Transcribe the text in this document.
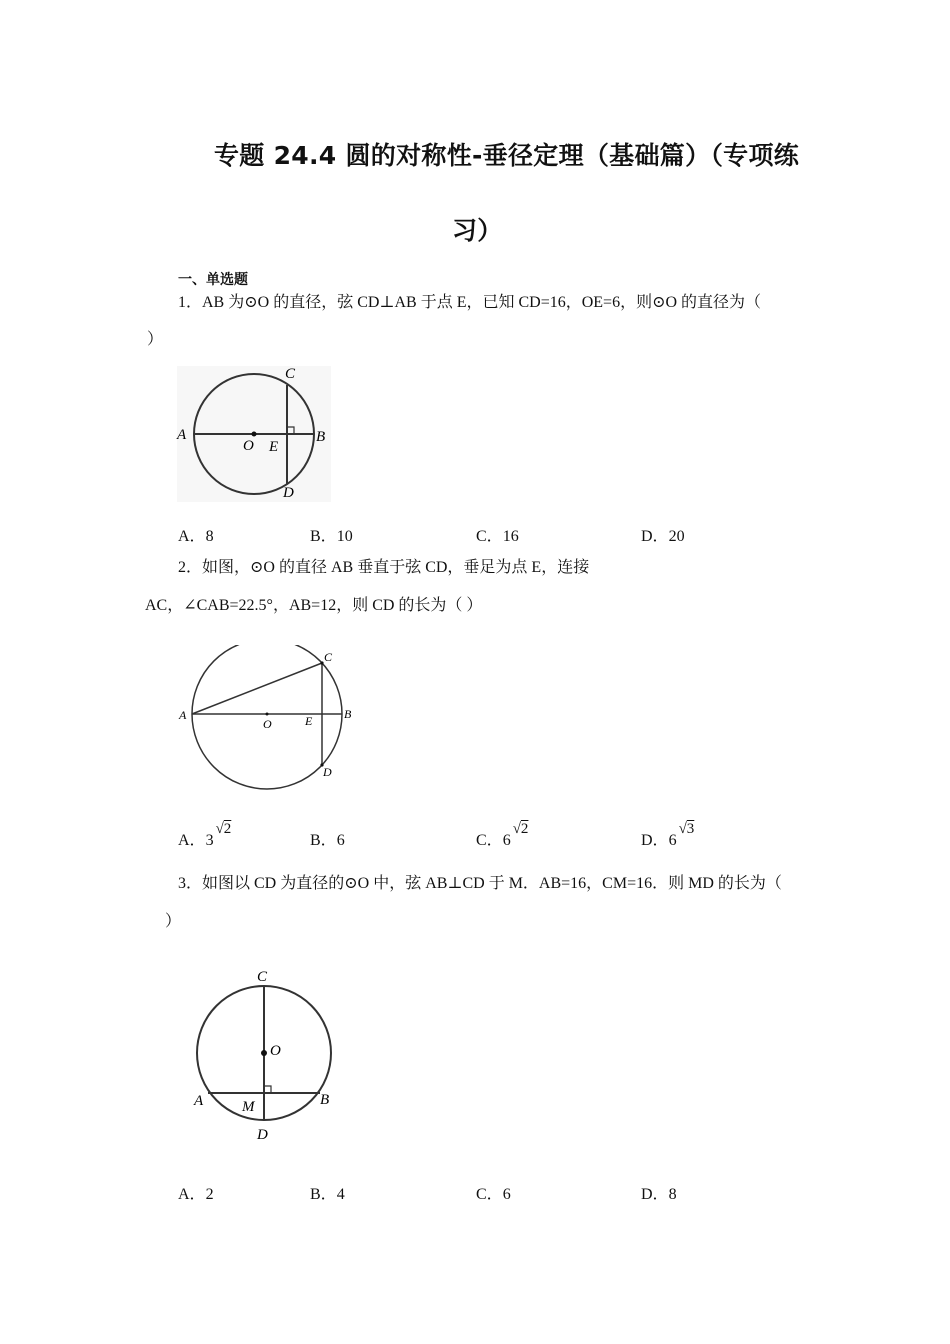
专题 24.4 圆的对称性-垂径定理（基础篇）（专项练
习）
一、单选题
1．AB 为⊙O 的直径，弦 CD⊥AB 于点 E，已知 CD=16，OE=6，则⊙O 的直径为（
）
A	B
C
D
O E
A．8	B．10	C．16	D．20
2．如图，⊙O 的直径 AB 垂直于弦 CD，垂足为点 E，连接
AC，∠CAB=22.5°，AB=12，则 CD 的长为（ ）
A	B
C
D
O	E
A．3√2
B．6	C．6√2
D．6√3
3．如图以 CD 为直径的⊙O 中，弦 AB⊥CD 于 M．AB=16，CM=16．则 MD 的长为（
）
A	B
C
D
O
M
A．2	B．4	C．6	D．8
